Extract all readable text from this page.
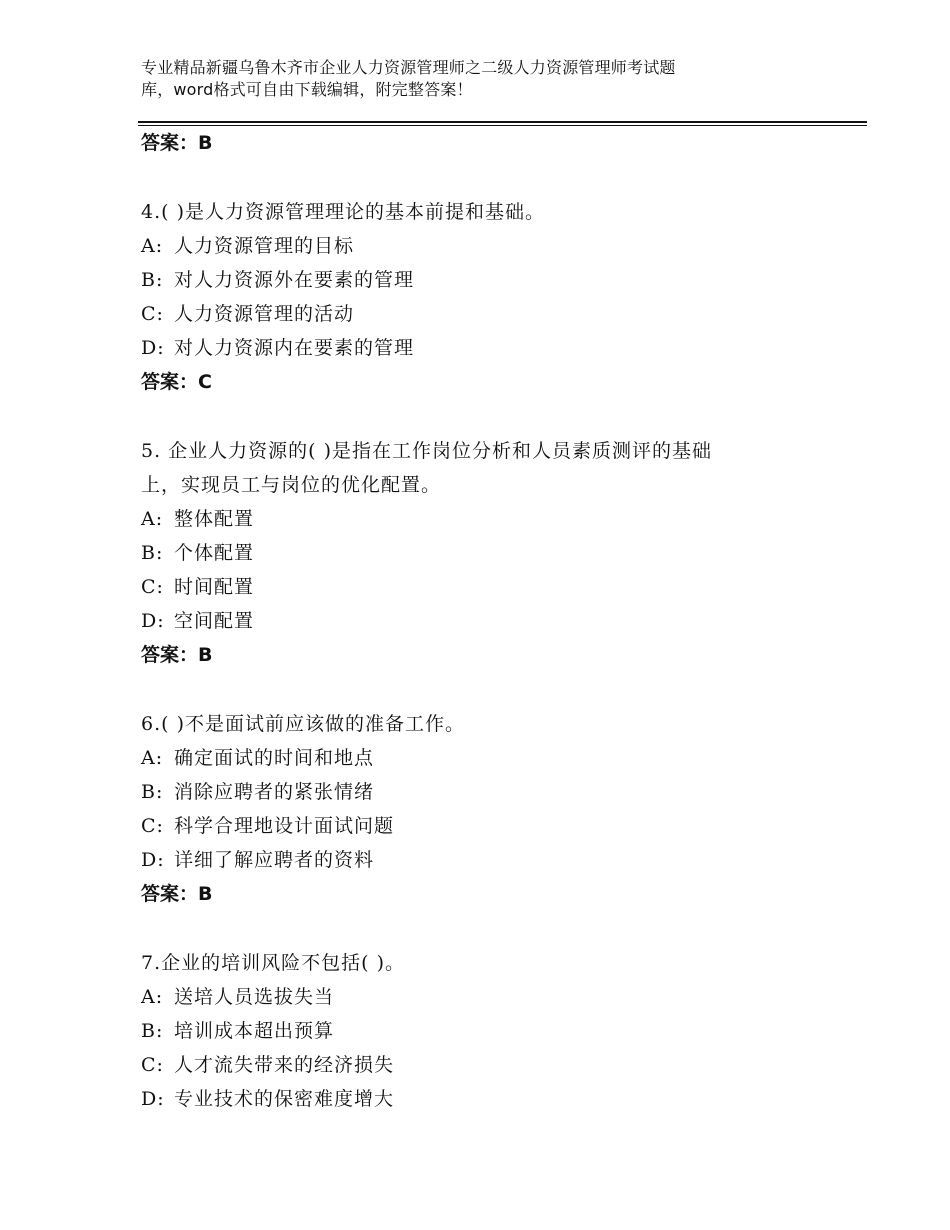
专业精品新疆乌鲁木齐市企业人力资源管理师之二级人力资源管理师考试题
库，word格式可自由下载编辑，附完整答案！
答案：B
4.( )是人力资源管理理论的基本前提和基础。
A: 人力资源管理的目标
B: 对人力资源外在要素的管理
C: 人力资源管理的活动
D: 对人力资源内在要素的管理
答案：C
5. 企业人力资源的( )是指在工作岗位分析和人员素质测评的基础
上，实现员工与岗位的优化配置。
A: 整体配置
B: 个体配置
C: 时间配置
D: 空间配置
答案：B
6.( )不是面试前应该做的准备工作。
A: 确定面试的时间和地点
B: 消除应聘者的紧张情绪
C: 科学合理地设计面试问题
D: 详细了解应聘者的资料
答案：B
7.企业的培训风险不包括( )。
A: 送培人员选拔失当
B: 培训成本超出预算
C: 人才流失带来的经济损失
D: 专业技术的保密难度增大
